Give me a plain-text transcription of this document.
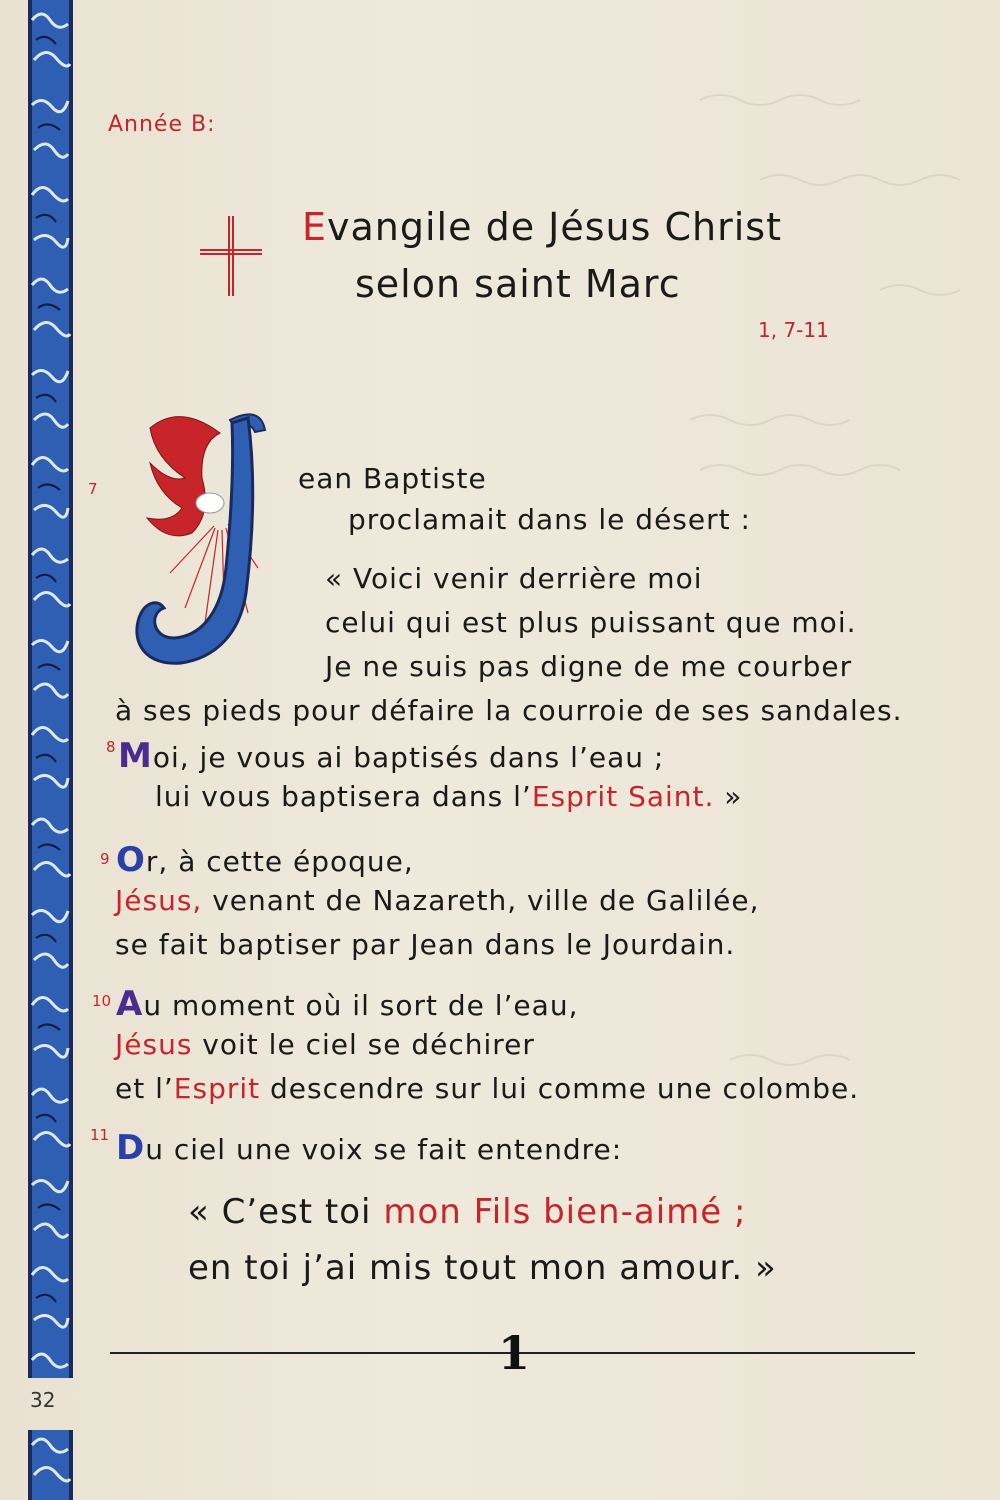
32
Année B:
Evangile de Jésus Christ
selon saint Marc
1, 7-11
7	ean Baptiste
proclamait dans le désert :
« Voici venir derrière moi
celui qui est plus puissant que moi.
Je ne suis pas digne de me courber
à ses pieds pour défaire la courroie de ses sandales.
8 Moi, je vous ai baptisés dans l’eau ;
lui vous baptisera dans l’Esprit Saint. »
9 Or, à cette époque,
Jésus, venant de Nazareth, ville de Galilée,
se fait baptiser par Jean dans le Jourdain.
10 Au moment où il sort de l’eau,
Jésus voit le ciel se déchirer
et l’Esprit descendre sur lui comme une colombe.
11 Du ciel une voix se fait entendre:
« C’est toi mon Fils bien-aimé ;
en toi j’ai mis tout mon amour. »
1
